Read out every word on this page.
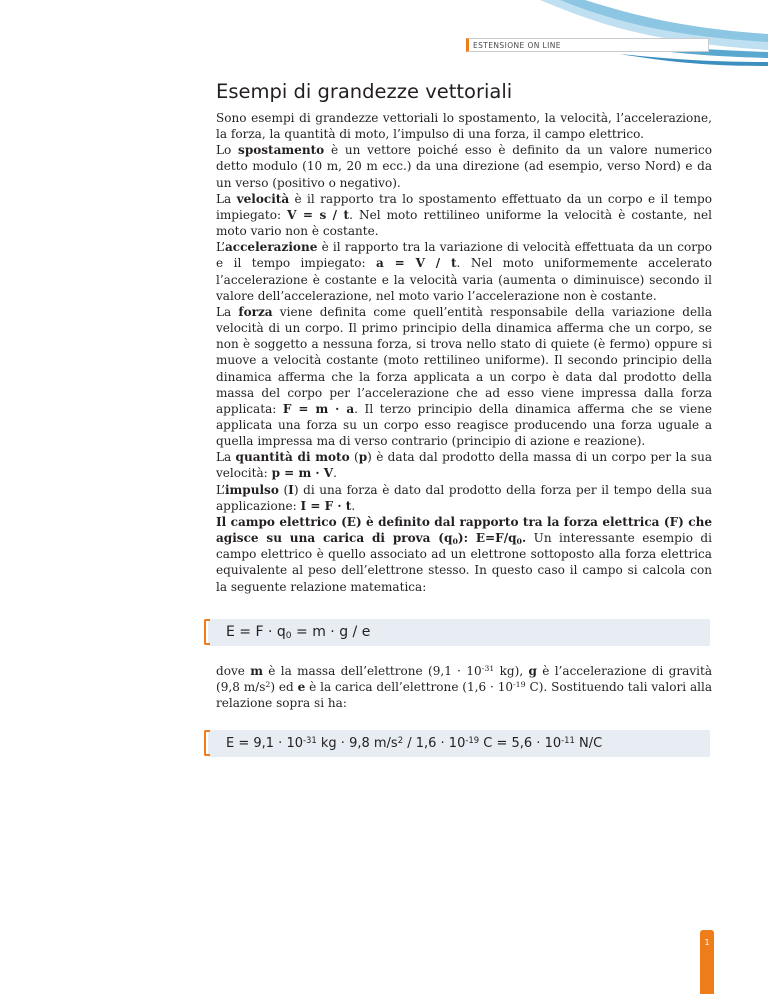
ESTENSIONE ON LINE
Esempi di grandezze vettoriali

Sono esempi di grandezze vettoriali lo spostamento, la velocità, l’accelerazione, la forza, la quantità di moto, l’impulso di una forza, il campo elettrico.

Lo spostamento è un vettore poiché esso è definito da un valore numerico detto modulo (10 m, 20 m ecc.) da una direzione (ad esempio, verso Nord) e da un verso (positivo o negativo).

La velocità è il rapporto tra lo spostamento effettuato da un corpo e il tempo impiegato: V = s / t. Nel moto rettilineo uniforme la velocità è costante, nel moto vario non è costante.

L’accelerazione è il rapporto tra la variazione di velocità effettuata da un corpo e il tempo impiegato: a = V / t. Nel moto uniformemente accelerato l’accelerazione è costante e la velocità varia (aumenta o diminuisce) secondo il valore dell’accelerazione, nel moto vario l’accelerazione non è costante.

La forza viene definita come quell’entità responsabile della variazione della velocità di un corpo. Il primo principio della dinamica afferma che un corpo, se non è soggetto a nessuna forza, si trova nello stato di quiete (è fermo) oppure si muove a velocità costante (moto rettilineo uniforme). Il secondo principio della dinamica afferma che la forza applicata a un corpo è data dal prodotto della massa del corpo per l’accelerazione che ad esso viene impressa dalla forza applicata: F = m · a. Il terzo principio della dinamica afferma che se viene applicata una forza su un corpo esso reagisce producendo una forza uguale a quella impressa ma di verso contrario (principio di azione e reazione).

La quantità di moto (p) è data dal prodotto della massa di un corpo per la sua velocità: p = m · V.

L’impulso (I) di una forza è dato dal prodotto della forza per il tempo della sua applicazione: I = F · t.

Il campo elettrico (E) è definito dal rapporto tra la forza elettrica (F) che agisce su una carica di prova $(q_0)$: $E=F/q_0$. Un interessante esempio di campo elettrico è quello associato ad un elettrone sottoposto alla forza elettrica equivalente al peso dell’elettrone stesso. In questo caso il campo si calcola con la seguente relazione matematica:

$E = F \cdot q_0 = m \cdot g / e$

dove m è la massa dell’elettrone ($9,1 \cdot 10^{-31}$ kg), g è l’accelerazione di gravità (9,8 $m/s^2$) ed e è la carica dell’elettrone ($1,6 \cdot 10^{-19}$ C). Sostituendo tali valori alla relazione sopra si ha:

$E = 9,1 \cdot 10^{-31}$ kg · 9,8 $m/s^2 / 1,6 \cdot 10^{-19}$ $C = 5,6 \cdot 10^{-11}$ N/C
1
